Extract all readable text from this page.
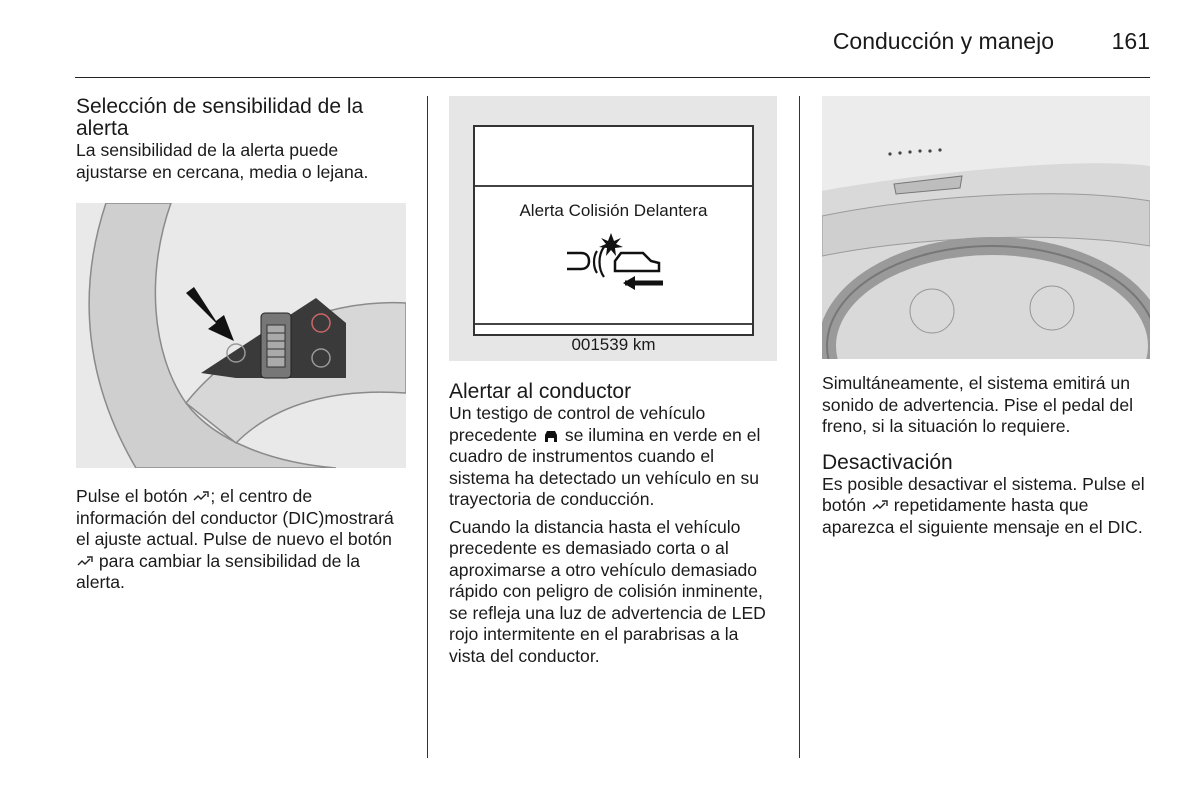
Conducción y manejo	161
Selección de sensibilidad de la alerta

La sensibilidad de la alerta puede ajustarse en cercana, media o lejana.

Pulse el botón ; el centro de información del conductor (DIC)mostrará el ajuste actual. Pulse de nuevo el botón  para cambiar la sensibilidad de la alerta.

Alerta Colisión Delantera
001539 km
Alertar al conductor

Un testigo de control de vehículo precedente  se ilumina en verde en el cuadro de instrumentos cuando el sistema ha detectado un vehículo en su trayectoria de conducción.

Cuando la distancia hasta el vehículo precedente es demasiado corta o al aproximarse a otro vehículo demasiado rápido con peligro de colisión inminente, se refleja una luz de advertencia de LED rojo intermitente en el parabrisas a la vista del conductor.

Simultáneamente, el sistema emitirá un sonido de advertencia. Pise el pedal del freno, si la situación lo requiere.

Desactivación

Es posible desactivar el sistema. Pulse el botón  repetidamente hasta que aparezca el siguiente mensaje en el DIC.
